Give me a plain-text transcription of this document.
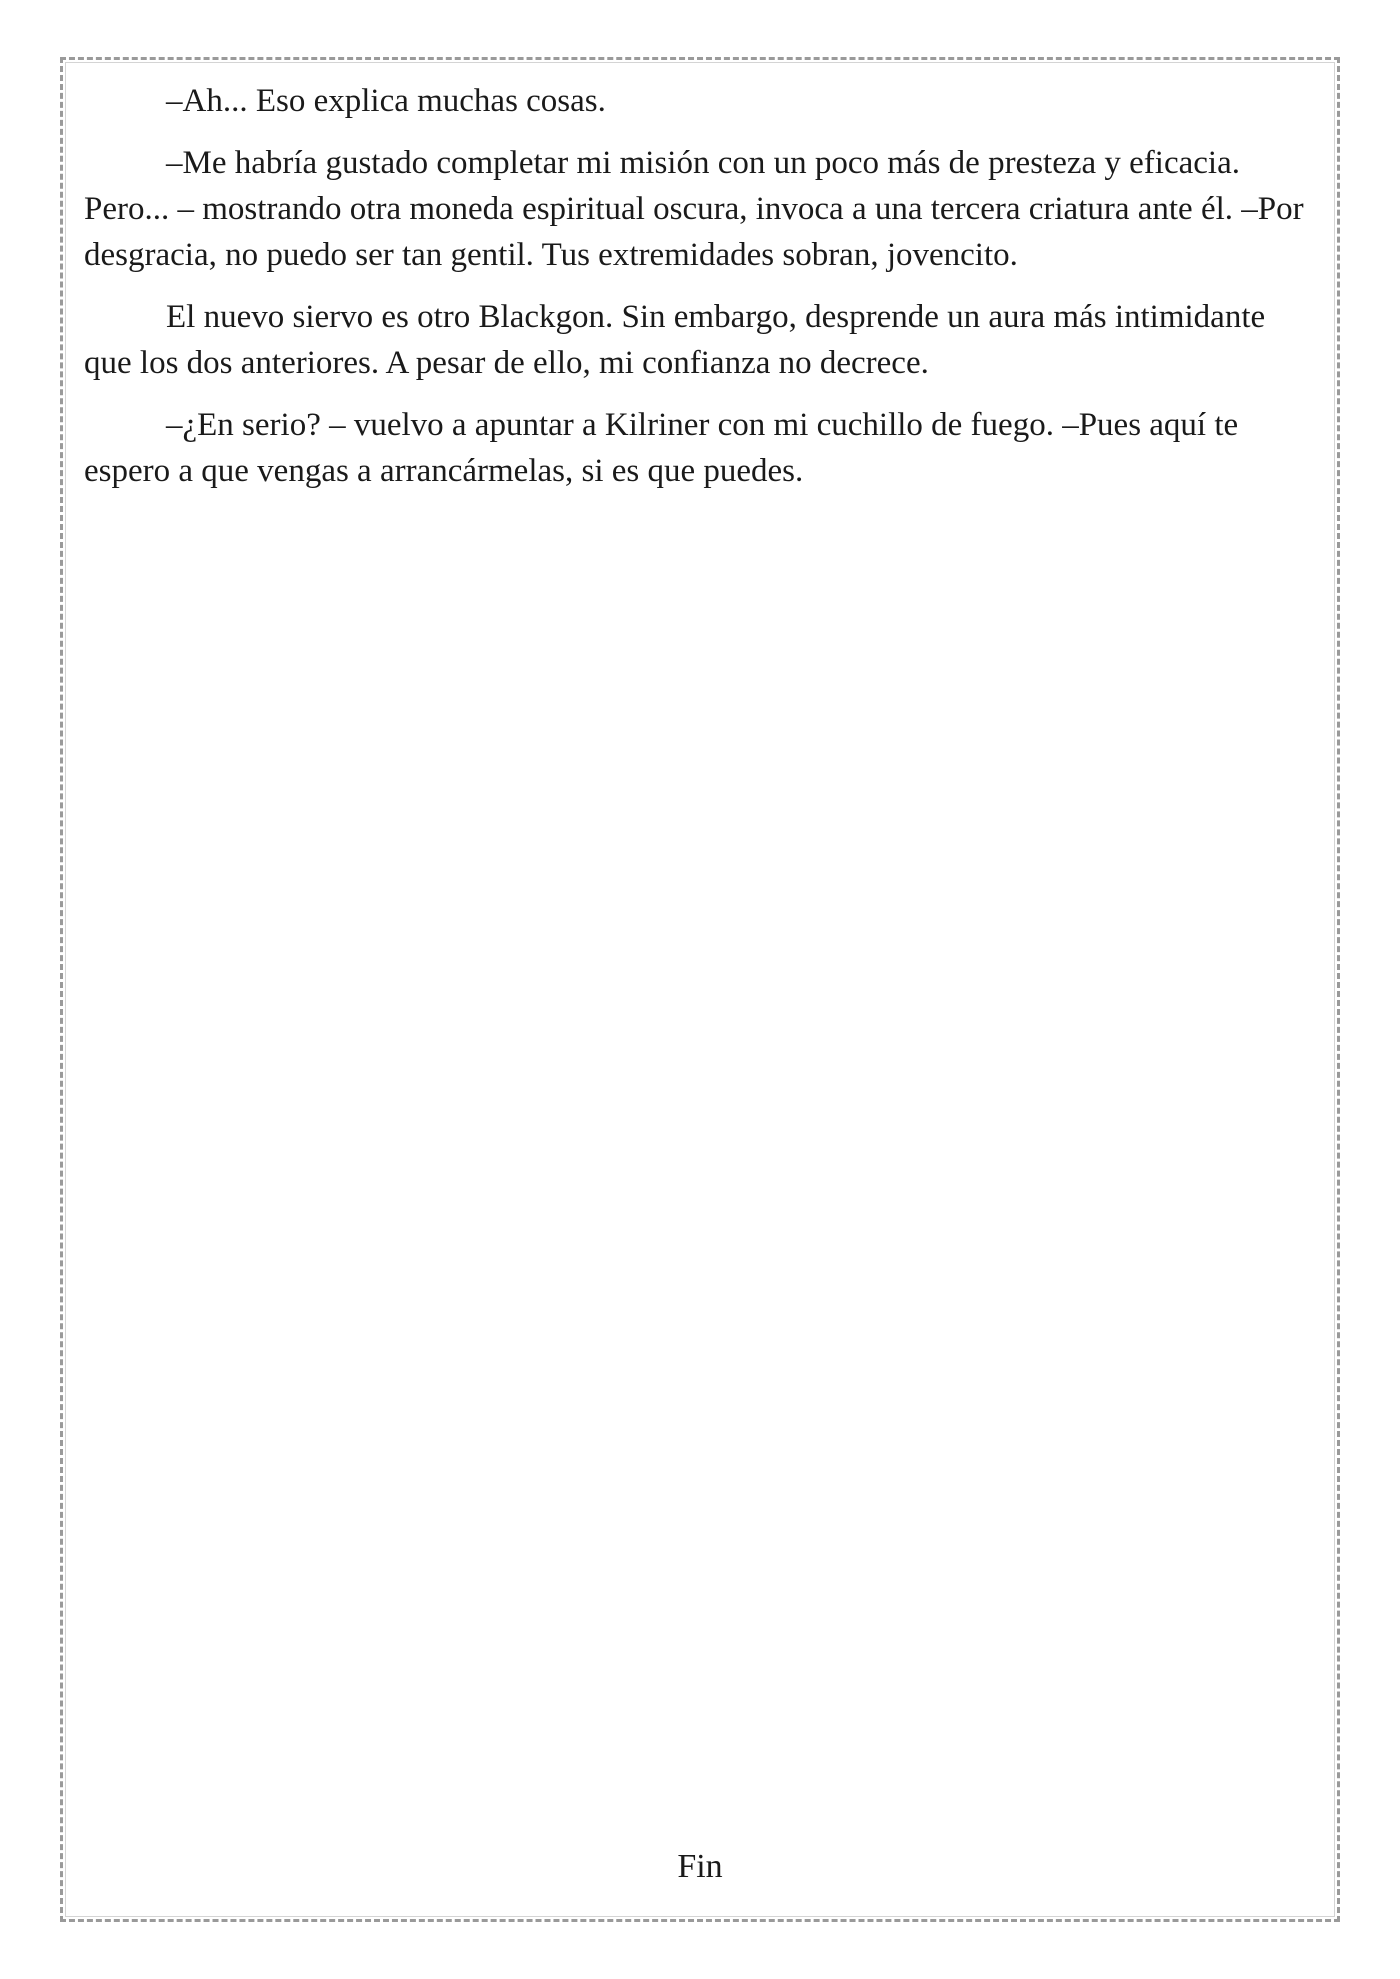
–Ah... Eso explica muchas cosas.

–Me habría gustado completar mi misión con un poco más de presteza y eficacia. Pero... – mostrando otra moneda espiritual oscura, invoca a una tercera criatura ante él. –Por desgracia, no puedo ser tan gentil. Tus extremidades sobran, jovencito.

El nuevo siervo es otro Blackgon. Sin embargo, desprende un aura más intimidante que los dos anteriores. A pesar de ello, mi confianza no decrece.

–¿En serio? – vuelvo a apuntar a Kilriner con mi cuchillo de fuego. –Pues aquí te espero a que vengas a arrancármelas, si es que puedes.

Fin
